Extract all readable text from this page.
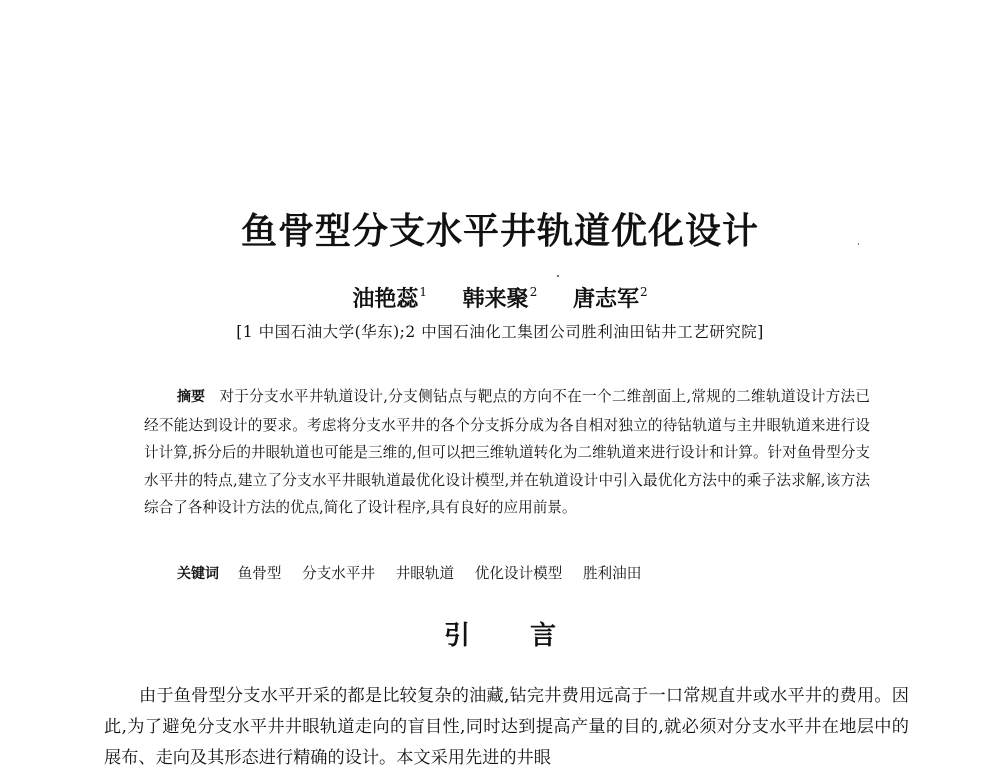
鱼骨型分支水平井轨道优化设计
油艳蕊$^1$ 韩来聚$^2$ 唐志军$^2$
[1 中国石油大学(华东);2 中国石油化工集团公司胜利油田钻井工艺研究院]

摘要 对于分支水平井轨道设计,分支侧钻点与靶点的方向不在一个二维剖面上,常规的二维轨道设计方法已经不能达到设计的要求。考虑将分支水平井的各个分支拆分成为各自相对独立的待钻轨道与主井眼轨道来进行设计计算,拆分后的井眼轨道也可能是三维的,但可以把三维轨道转化为二维轨道来进行设计和计算。针对鱼骨型分支水平井的特点,建立了分支水平井眼轨道最优化设计模型,并在轨道设计中引入最优化方法中的乘子法求解,该方法综合了各种设计方法的优点,简化了设计程序,具有良好的应用前景。

关键词 鱼骨型 分支水平井 井眼轨道 优化设计模型 胜利油田
引言

由于鱼骨型分支水平开采的都是比较复杂的油藏,钻完井费用远高于一口常规直井或水平井的费用。因此,为了避免分支水平井井眼轨道走向的盲目性,同时达到提高产量的目的,就必须对分支水平井在地层中的展布、走向及其形态进行精确的设计。本文采用先进的井眼
